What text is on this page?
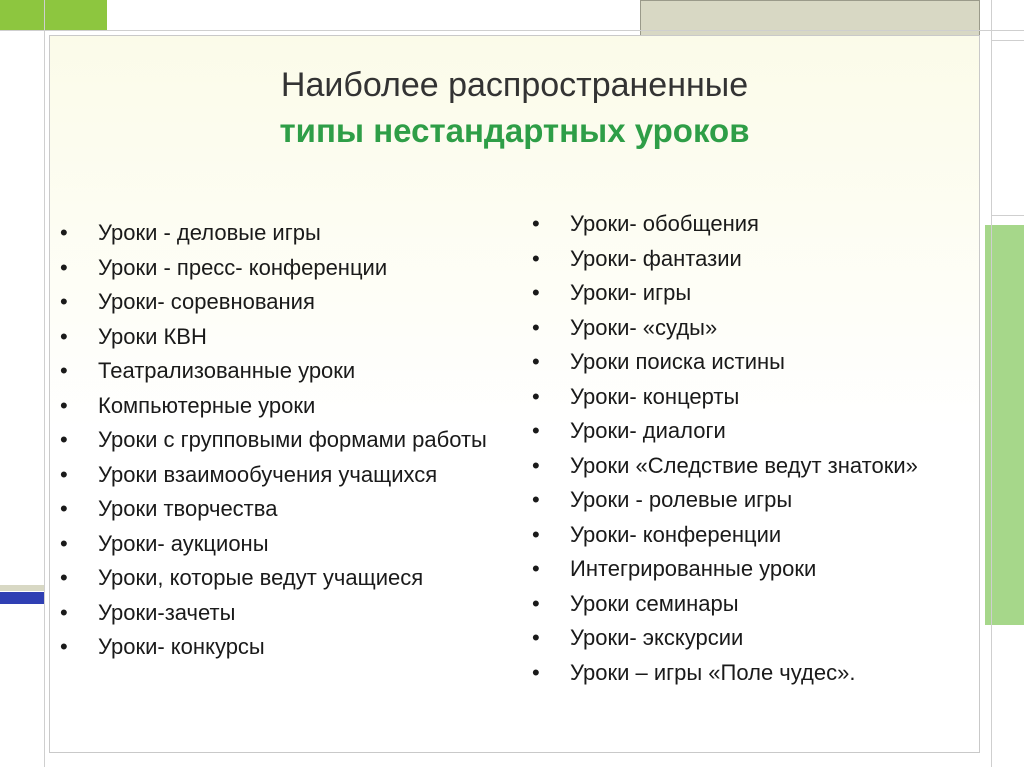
Наиболее распространенные
типы нестандартных уроков
• Уроки - деловые игры
• Уроки - пресс- конференции
• Уроки- соревнования
• Уроки КВН
• Театрализованные уроки
• Компьютерные уроки
• Уроки с групповыми формами работы
• Уроки взаимообучения учащихся
• Уроки творчества
• Уроки- аукционы
• Уроки, которые ведут учащиеся
• Уроки-зачеты
• Уроки- конкурсы
• Уроки- обобщения
• Уроки- фантазии
• Уроки- игры
• Уроки- «суды»
• Уроки поиска истины
• Уроки- концерты
• Уроки- диалоги
• Уроки «Следствие ведут знатоки»
• Уроки - ролевые игры
• Уроки- конференции
• Интегрированные уроки
• Уроки семинары
• Уроки- экскурсии
• Уроки – игры «Поле чудес».
